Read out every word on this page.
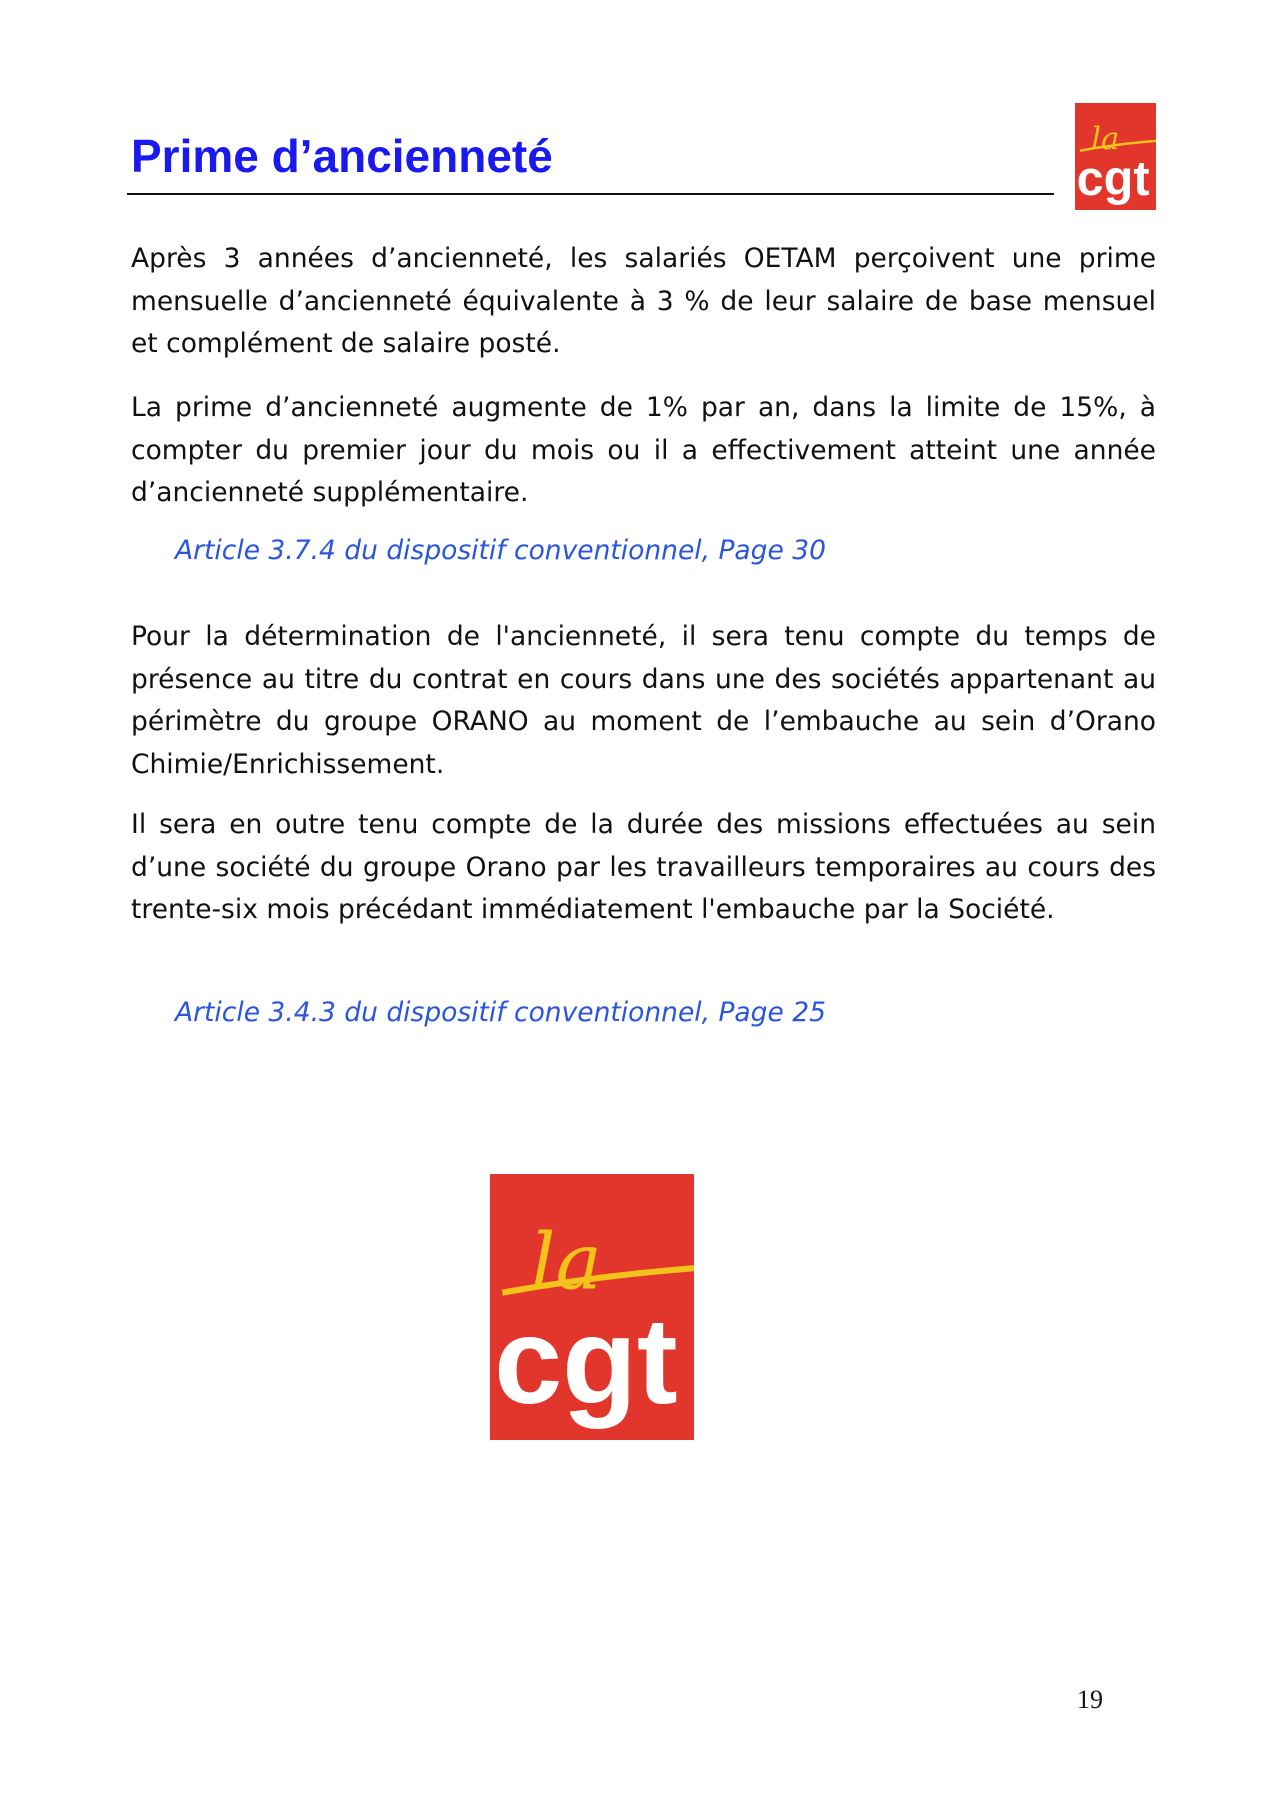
Prime d’ancienneté	la
cgt

Après 3 années d’ancienneté, les salariés OETAM perçoivent une prime mensuelle d’ancienneté équivalente à 3 % de leur salaire de base mensuel et complément de salaire posté.

La prime d’ancienneté augmente de 1% par an, dans la limite de 15%, à compter du premier jour du mois ou il a effectivement atteint une année d’ancienneté supplémentaire.

Article 3.7.4 du dispositif conventionnel, Page 30

Pour la détermination de l'ancienneté, il sera tenu compte du temps de présence au titre du contrat en cours dans une des sociétés appartenant au périmètre du groupe ORANO au moment de l’embauche au sein d’Orano Chimie/Enrichissement.

Il sera en outre tenu compte de la durée des missions effectuées au sein d’une société du groupe Orano par les travailleurs temporaires au cours des trente-six mois précédant immédiatement l'embauche par la Société.

Article 3.4.3 du dispositif conventionnel, Page 25

la
cgt

19
